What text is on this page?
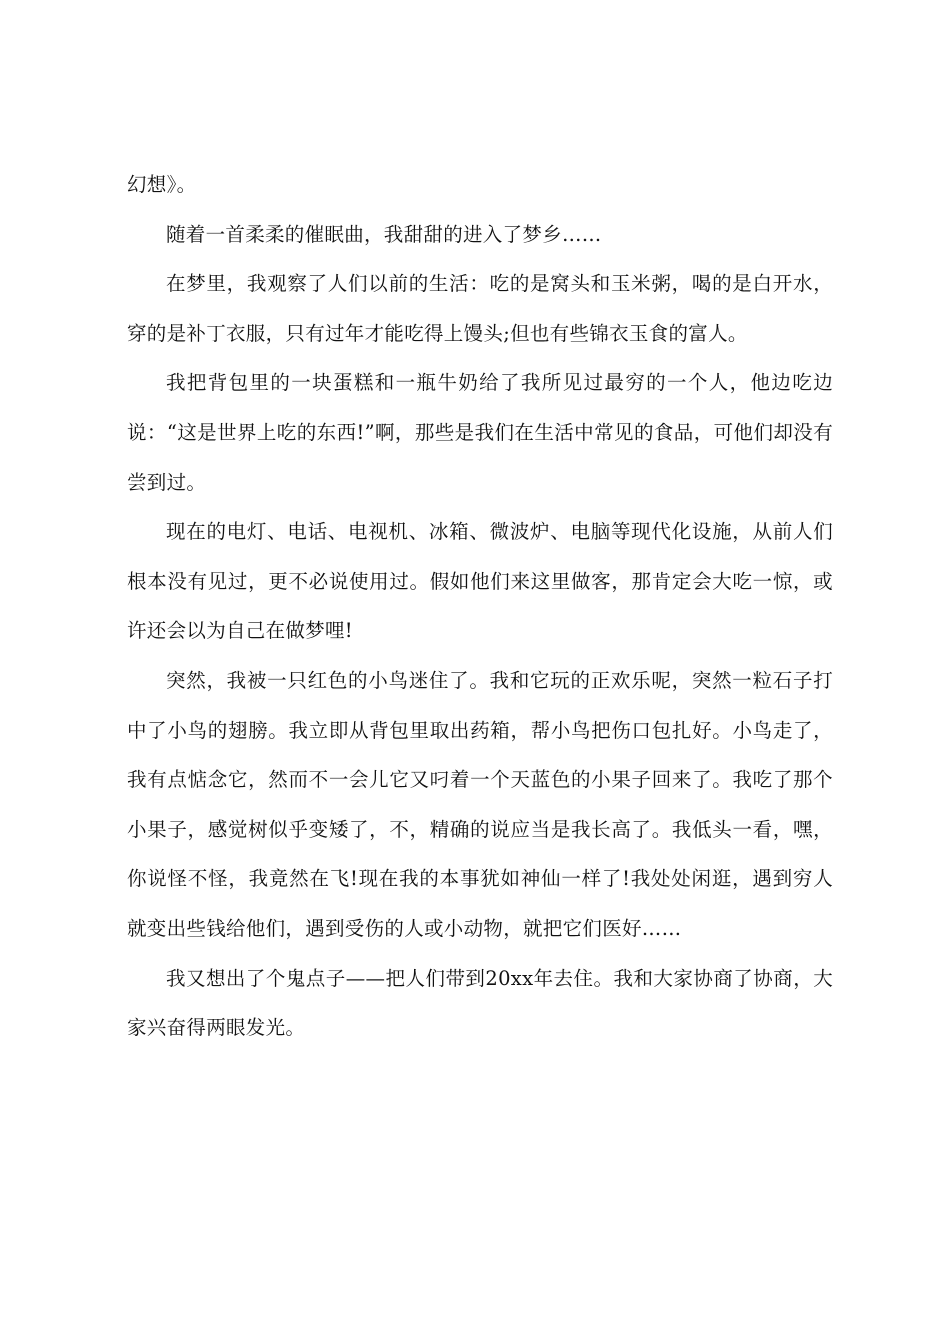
幻想》。

随着一首柔柔的催眠曲，我甜甜的进入了梦乡……

在梦里，我观察了人们以前的生活：吃的是窝头和玉米粥，喝的是白开水，穿的是补丁衣服，只有过年才能吃得上馒头;但也有些锦衣玉食的富人。

我把背包里的一块蛋糕和一瓶牛奶给了我所见过最穷的一个人，他边吃边说：“这是世界上吃的东西!”啊，那些是我们在生活中常见的食品，可他们却没有尝到过。

现在的电灯、电话、电视机、冰箱、微波炉、电脑等现代化设施，从前人们根本没有见过，更不必说使用过。假如他们来这里做客，那肯定会大吃一惊，或许还会以为自己在做梦哩!

突然，我被一只红色的小鸟迷住了。我和它玩的正欢乐呢，突然一粒石子打中了小鸟的翅膀。我立即从背包里取出药箱，帮小鸟把伤口包扎好。小鸟走了，我有点惦念它，然而不一会儿它又叼着一个天蓝色的小果子回来了。我吃了那个小果子，感觉树似乎变矮了，不，精确的说应当是我长高了。我低头一看，嘿，你说怪不怪，我竟然在飞!现在我的本事犹如神仙一样了!我处处闲逛，遇到穷人就变出些钱给他们，遇到受伤的人或小动物，就把它们医好……

我又想出了个鬼点子——把人们带到20xx年去住。我和大家协商了协商，大家兴奋得两眼发光。
